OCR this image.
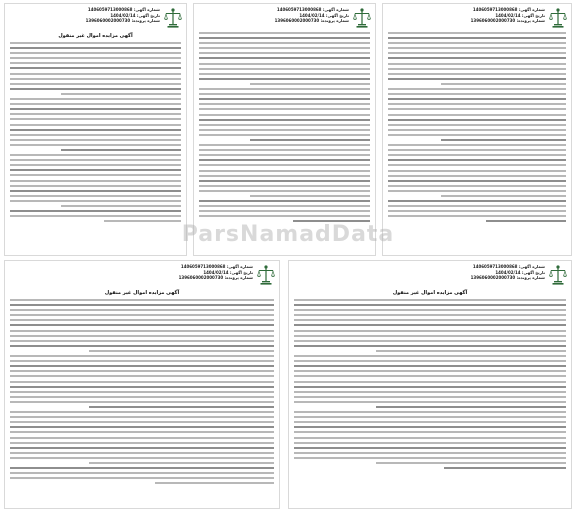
شماره آگهی: 1406059713000868
تاریخ آگهی: 1404/02/14
شماره پرونده: 1396060002000730
آگهی مزایده اموال غیر منقول
شماره آگهی: 1406059713000868
تاریخ آگهی: 1404/02/14
شماره پرونده: 1396060002000730
شماره آگهی: 1406059713000868
تاریخ آگهی: 1404/02/14
شماره پرونده: 1396060002000730
شماره آگهی: 1406059713000868
تاریخ آگهی: 1404/02/14
شماره پرونده: 1396060002000730
آگهی مزایده اموال غیر منقول
شماره آگهی: 1406059713000868
تاریخ آگهی: 1404/02/14
شماره پرونده: 1396060002000730
آگهی مزایده اموال غیر منقول
ParsNamadData
